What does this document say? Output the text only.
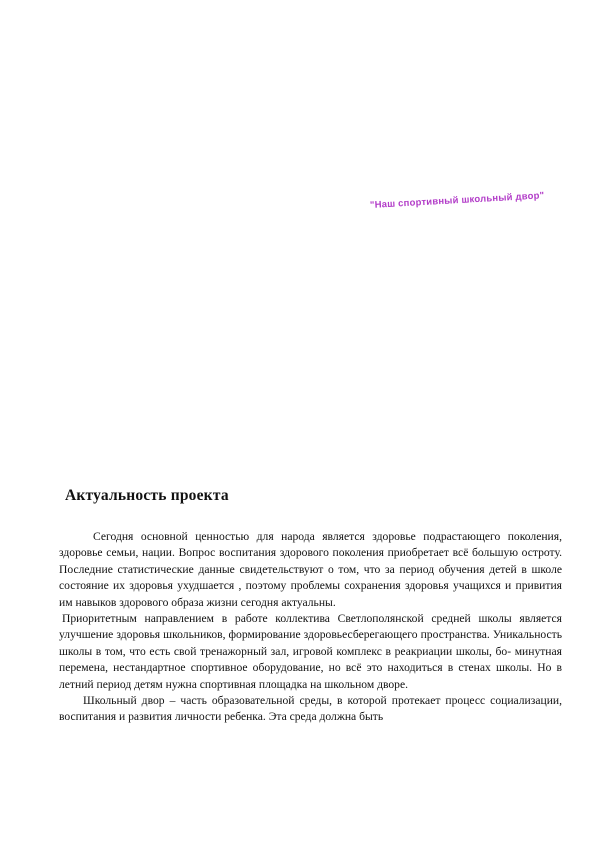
"Наш спортивный школьный двор"
Актуальность проекта

Сегодня основной ценностью для народа является здоровье подрастающего поколения, здоровье семьи, нации. Вопрос воспитания здорового поколения приобретает всё большую остроту. Последние статистические данные свидетельствуют о том, что за период обучения детей в школе состояние их здоровья ухудшается , поэтому проблемы сохранения здоровья учащихся и привития им навыков здорового образа жизни сегодня актуальны.

Приоритетным направлением в работе коллектива Светлополянской средней школы является улучшение здоровья школьников, формирование здоровьесберегающего пространства. Уникальность школы в том, что есть свой тренажорный зал, игровой комплекс в реакриации школы, бо- минутная перемена, нестандартное спортивное оборудование, но всё это находиться в стенах школы. Но в летний период детям нужна спортивная площадка на школьном дворе.

Школьный двор – часть образовательной среды, в которой протекает процесс социализации, воспитания и развития личности ребенка. Эта среда должна быть
